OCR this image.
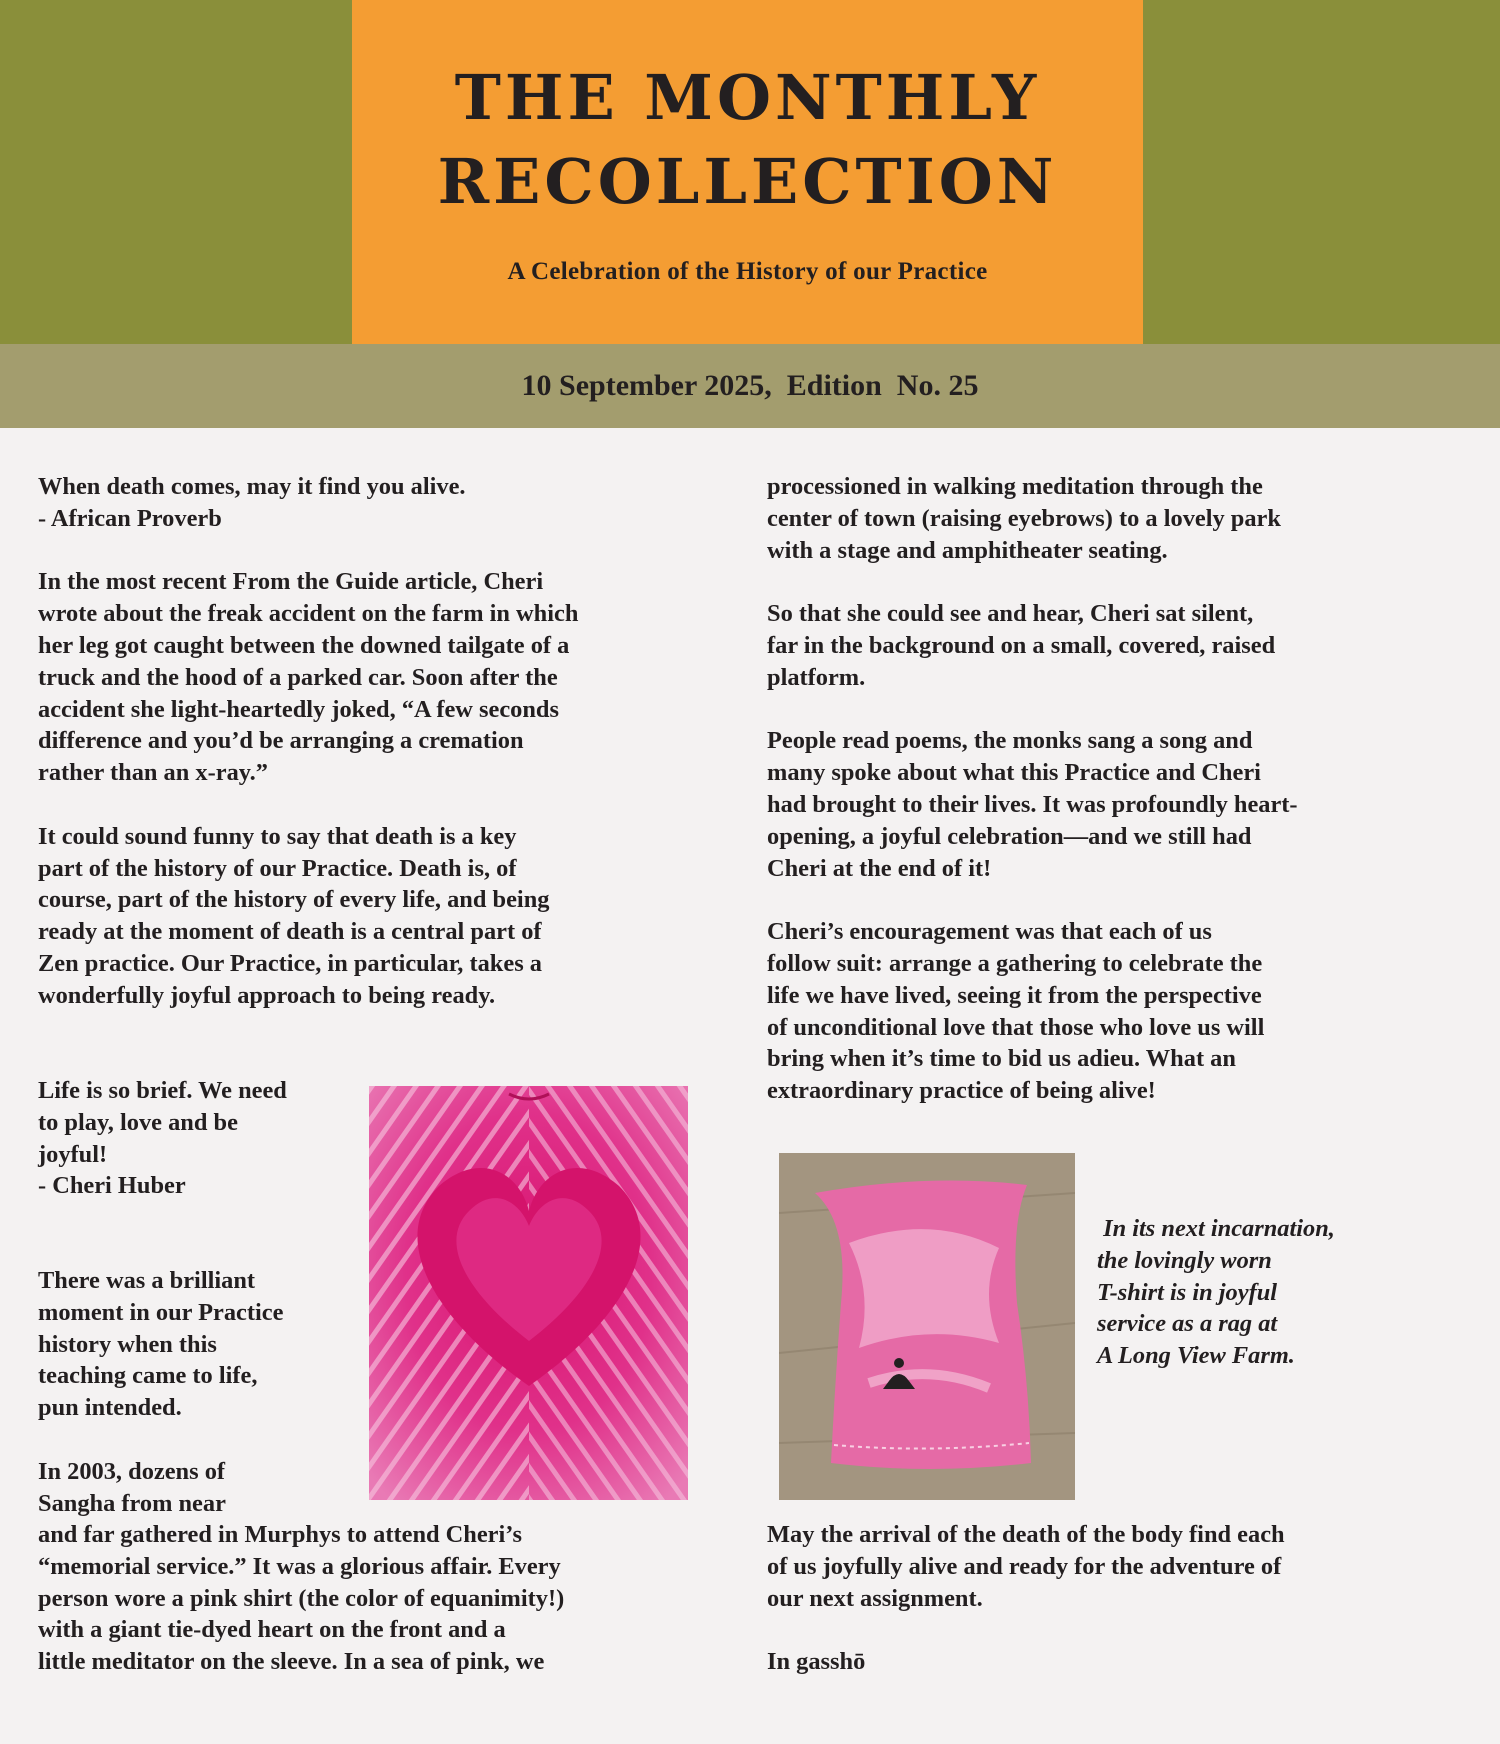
THE MONTHLY
RECOLLECTION
A Celebration of the History of our Practice
10 September 2025,  Edition  No. 25

When death comes, may it find you alive.
- African Proverb

In the most recent From the Guide article, Cheri
wrote about the freak accident on the farm in which
her leg got caught between the downed tailgate of a
truck and the hood of a parked car. Soon after the
accident she light-heartedly joked, “A few seconds
difference and you’d be arranging a cremation
rather than an x-ray.”

It could sound funny to say that death is a key
part of the history of our Practice. Death is, of
course, part of the history of every life, and being
ready at the moment of death is a central part of
Zen practice. Our Practice, in particular, takes a
wonderfully joyful approach to being ready.

Life is so brief. We need
to play, love and be
joyful!
- Cheri Huber

There was a brilliant
moment in our Practice
history when this
teaching came to life,
pun intended.

In 2003, dozens of
Sangha from near

and far gathered in Murphys to attend Cheri’s
“memorial service.” It was a glorious affair. Every
person wore a pink shirt (the color of equanimity!)
with a giant tie-dyed heart on the front and a
little meditator on the sleeve. In a sea of pink, we

processioned in walking meditation through the
center of town (raising eyebrows) to a lovely park
with a stage and amphitheater seating.

So that she could see and hear, Cheri sat silent,
far in the background on a small, covered, raised
platform.

People read poems, the monks sang a song and
many spoke about what this Practice and Cheri
had brought to their lives. It was profoundly heart-
opening, a joyful celebration—and we still had
Cheri at the end of it!

Cheri’s encouragement was that each of us
follow suit: arrange a gathering to celebrate the
life we have lived, seeing it from the perspective
of unconditional love that those who love us will
bring when it’s time to bid us adieu. What an
extraordinary practice of being alive!

In its next incarnation,
the lovingly worn
T-shirt is in joyful
service as a rag at
A Long View Farm.

May the arrival of the death of the body find each
of us joyfully alive and ready for the adventure of
our next assignment.

In gasshō
